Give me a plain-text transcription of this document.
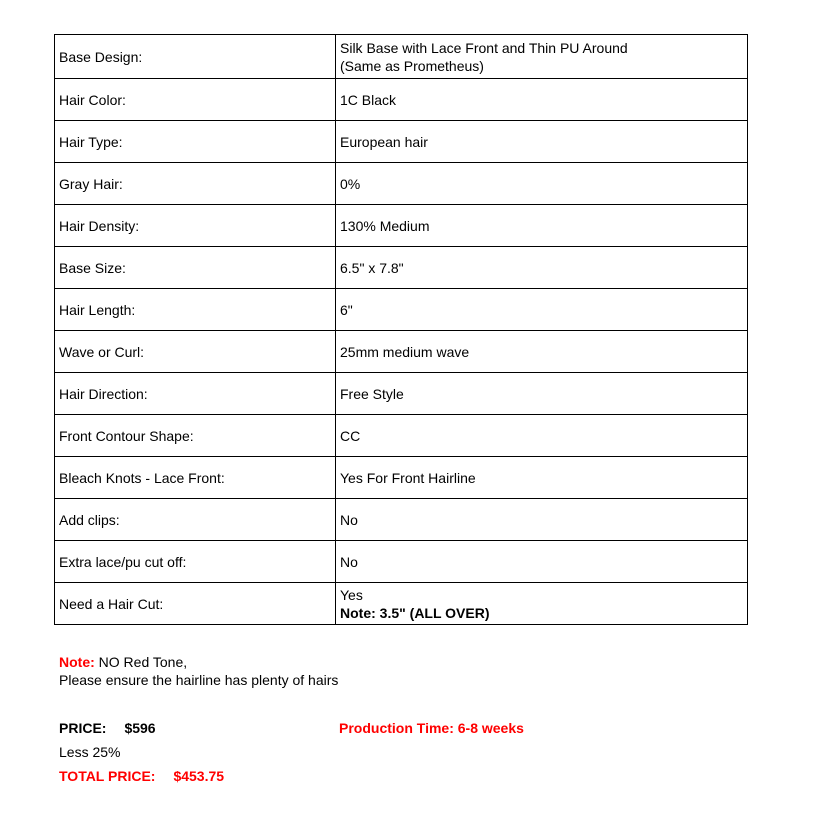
Base Design:	Silk Base with Lace Front and Thin PU Around
(Same as Prometheus)

Hair Color:	1C Black

Hair Type:	European hair

Gray Hair:	0%

Hair Density:	130% Medium

Base Size:	6.5" x 7.8"

Hair Length:	6"

Wave or Curl:	25mm medium wave

Hair Direction:	Free Style

Front Contour Shape:	CC

Bleach Knots - Lace Front:	Yes For Front Hairline

Add clips:	No

Extra lace/pu cut off:	No

Need a Hair Cut:	Yes
Note: 3.5" (ALL OVER)
Note: NO Red Tone,
Please ensure the hairline has plenty of hairs
PRICE: $596	Production Time: 6-8 weeks
Less 25%
TOTAL PRICE: $453.75
